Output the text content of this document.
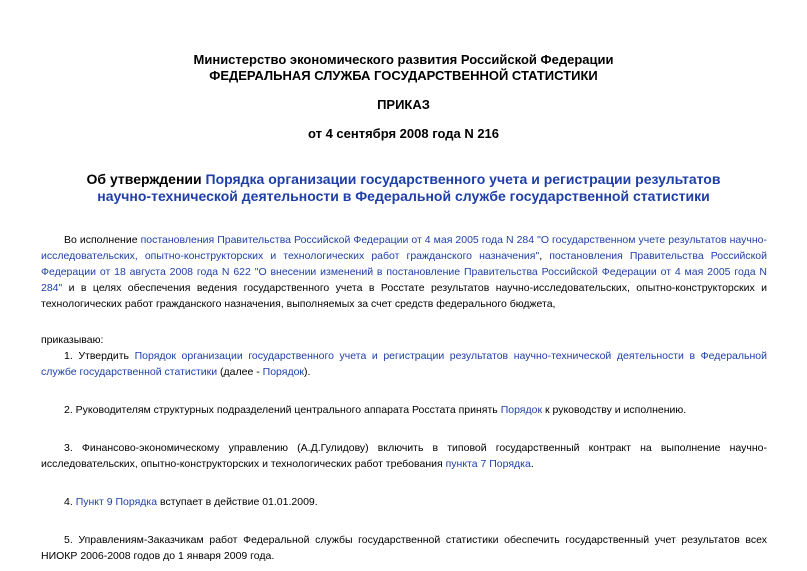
Министерство экономического развития Российской Федерации
ФЕДЕРАЛЬНАЯ СЛУЖБА ГОСУДАРСТВЕННОЙ СТАТИСТИКИ
ПРИКАЗ
от 4 сентября 2008 года N 216
Об утверждении Порядка организации государственного учета и регистрации результатов
научно-технической деятельности в Федеральной службе государственной статистики

Во исполнение постановления Правительства Российской Федерации от 4 мая 2005 года N 284 "О государственном учете результатов научно-исследовательских, опытно-конструкторских и технологических работ гражданского назначения", постановления Правительства Российской Федерации от 18 августа 2008 года N 622 "О внесении изменений в постановление Правительства Российской Федерации от 4 мая 2005 года N 284" и в целях обеспечения ведения государственного учета в Росстате результатов научно-исследовательских, опытно-конструкторских и технологических работ гражданского назначения, выполняемых за счет средств федерального бюджета,

приказываю:

1. Утвердить Порядок организации государственного учета и регистрации результатов научно-технической деятельности в Федеральной службе государственной статистики (далее - Порядок).

2. Руководителям структурных подразделений центрального аппарата Росстата принять Порядок к руководству и исполнению.

3. Финансово-экономическому управлению (А.Д.Гулидову) включить в типовой государственный контракт на выполнение научно-исследовательских, опытно-конструкторских и технологических работ требования пункта 7 Порядка.

4. Пункт 9 Порядка вступает в действие 01.01.2009.

5. Управлениям-Заказчикам работ Федеральной службы государственной статистики обеспечить государственный учет результатов всех НИОКР 2006-2008 годов до 1 января 2009 года.
